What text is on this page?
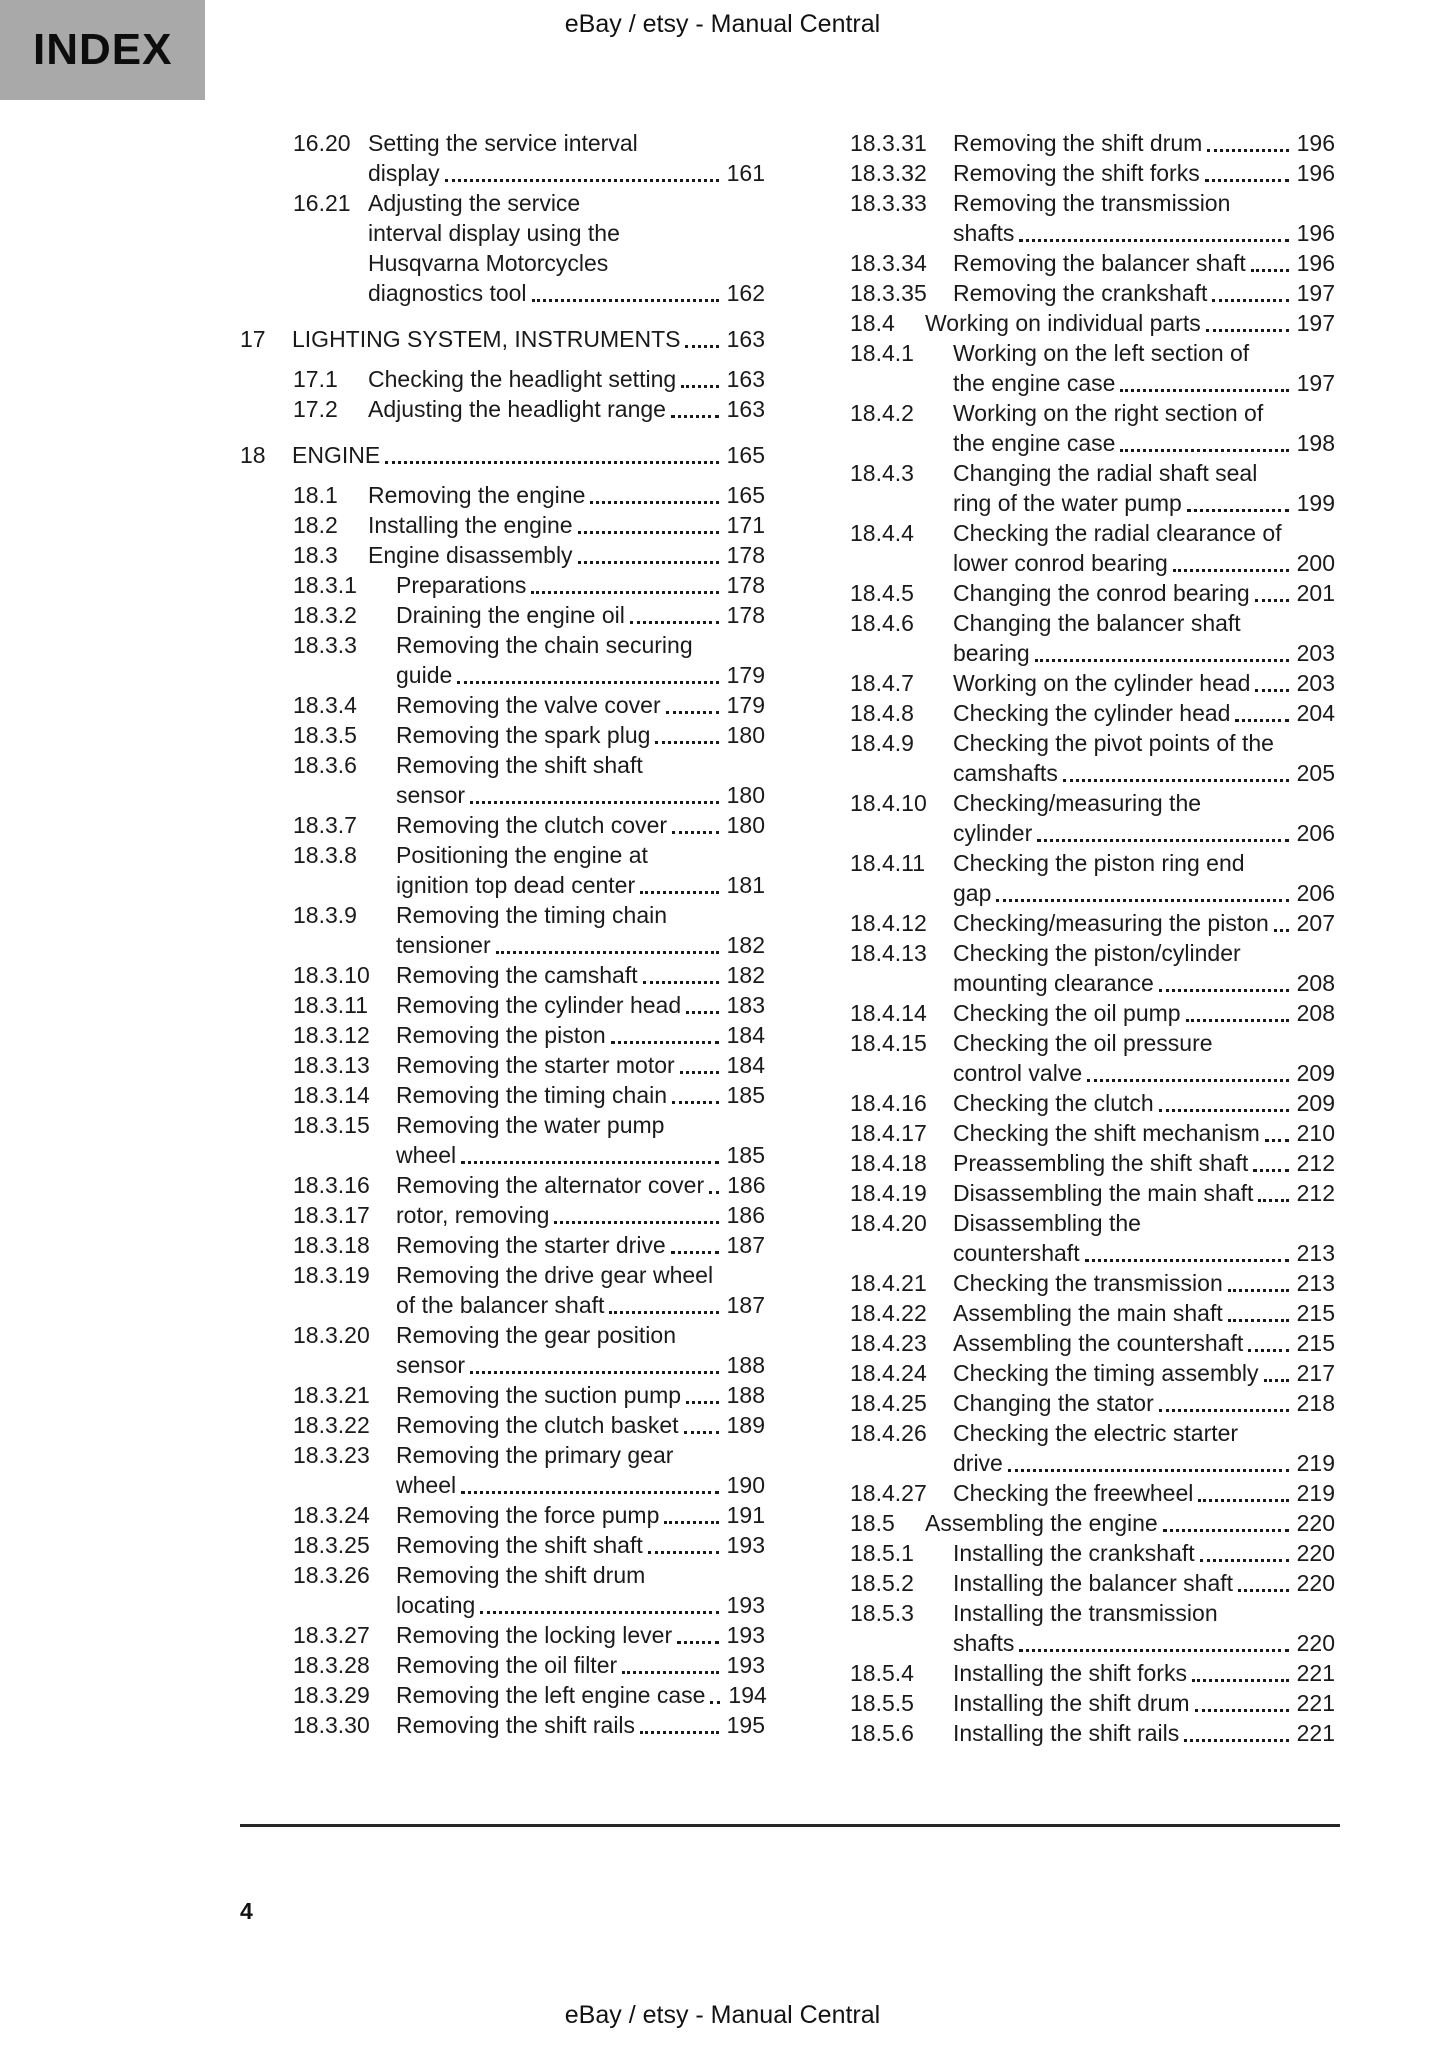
INDEX
eBay / etsy - Manual Central
16.20 Setting the service interval
display	161
16.21 Adjusting the service
interval display using the
Husqvarna Motorcycles
diagnostics tool	162
17	LIGHTING SYSTEM, INSTRUMENTS 163
17.1	Checking the headlight setting 163
17.2	Adjusting the headlight range	163
18	ENGINE	165
18.1	Removing the engine	165
18.2	Installing the engine	171
18.3	Engine disassembly	178
18.3.1	Preparations	178
18.3.2	Draining the engine oil	178
18.3.3	Removing the chain securing
guide	179
18.3.4	Removing the valve cover	179
18.3.5	Removing the spark plug	180
18.3.6	Removing the shift shaft
sensor	180
18.3.7	Removing the clutch cover	180
18.3.8	Positioning the engine at
ignition top dead center	181
18.3.9	Removing the timing chain
tensioner	182
18.3.10	Removing the camshaft	182
18.3.11	Removing the cylinder head 183
18.3.12	Removing the piston	184
18.3.13	Removing the starter motor 184
18.3.14	Removing the timing chain	185
18.3.15	Removing the water pump
wheel	185
18.3.16	Removing the alternator cover 186
18.3.17	rotor, removing	186
18.3.18	Removing the starter drive	187
18.3.19	Removing the drive gear wheel
of the balancer shaft	187
18.3.20	Removing the gear position
sensor	188
18.3.21	Removing the suction pump 188
18.3.22	Removing the clutch basket 189
18.3.23	Removing the primary gear
wheel	190
18.3.24	Removing the force pump	191
18.3.25	Removing the shift shaft	193
18.3.26	Removing the shift drum
locating	193
18.3.27	Removing the locking lever 193
18.3.28	Removing the oil filter	193
18.3.29	Removing the left engine case 194
18.3.30	Removing the shift rails	195
18.3.31	Removing the shift drum	196
18.3.32	Removing the shift forks	196
18.3.33	Removing the transmission
shafts	196
18.3.34	Removing the balancer shaft 196
18.3.35	Removing the crankshaft	197
18.4	Working on individual parts	197
18.4.1	Working on the left section of
the engine case	197
18.4.2	Working on the right section of
the engine case	198
18.4.3	Changing the radial shaft seal
ring of the water pump	199
18.4.4	Checking the radial clearance of
lower conrod bearing	200
18.4.5	Changing the conrod bearing 201
18.4.6	Changing the balancer shaft
bearing	203
18.4.7	Working on the cylinder head 203
18.4.8	Checking the cylinder head	204
18.4.9	Checking the pivot points of the
camshafts	205
18.4.10	Checking/measuring the
cylinder	206
18.4.11	Checking the piston ring end
gap	206
18.4.12	Checking/measuring the piston 207
18.4.13	Checking the piston/cylinder
mounting clearance	208
18.4.14	Checking the oil pump	208
18.4.15	Checking the oil pressure
control valve	209
18.4.16	Checking the clutch	209
18.4.17	Checking the shift mechanism 210
18.4.18	Preassembling the shift shaft 212
18.4.19	Disassembling the main shaft 212
18.4.20	Disassembling the
countershaft	213
18.4.21	Checking the transmission	213
18.4.22	Assembling the main shaft	215
18.4.23	Assembling the countershaft 215
18.4.24	Checking the timing assembly 217
18.4.25	Changing the stator	218
18.4.26	Checking the electric starter
drive	219
18.4.27	Checking the freewheel	219
18.5	Assembling the engine	220
18.5.1	Installing the crankshaft	220
18.5.2	Installing the balancer shaft	220
18.5.3	Installing the transmission
shafts	220
18.5.4	Installing the shift forks	221
18.5.5	Installing the shift drum	221
18.5.6	Installing the shift rails	221
4
eBay / etsy - Manual Central
